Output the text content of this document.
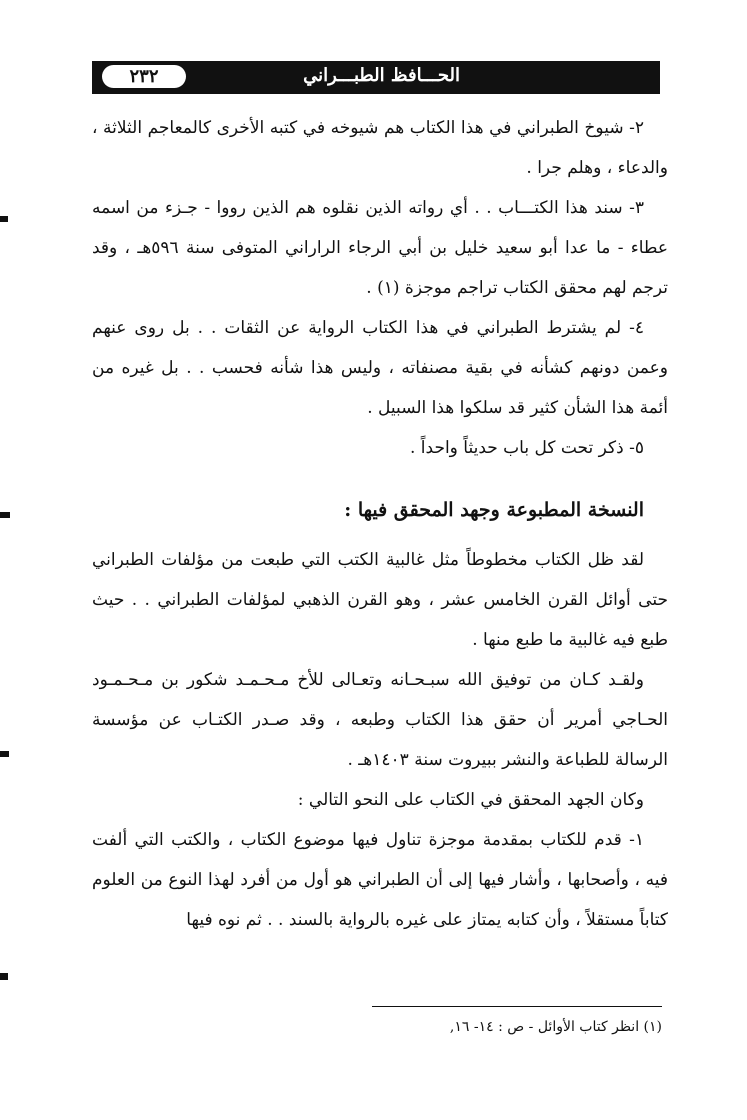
٢٣٢	الحـــافظ الطبـــراني

٢- شيوخ الطبراني في هذا الكتاب هم شيوخه في كتبه الأخرى كالمعاجم الثلاثة ، والدعاء ، وهلم جرا .

٣- سند هذا الكتـــاب . . أي رواته الذين نقلوه هم الذين رووا - جـزء من اسمه عطاء - ما عدا أبو سعيد خليل بن أبي الرجاء الراراني المتوفى سنة ٥٩٦هـ ، وقد ترجم لهم محقق الكتاب تراجم موجزة (١) .

٤- لم يشترط الطبراني في هذا الكتاب الرواية عن الثقات . . بل روى عنهم وعمن دونهم كشأنه في بقية مصنفاته ، وليس هذا شأنه فحسب . . بل غيره من أئمة هذا الشأن كثير قد سلكوا هذا السبيل .

٥- ذكر تحت كل باب حديثاً واحداً .

النسخة المطبوعة وجهد المحقق فيها :

لقد ظل الكتاب مخطوطاً مثل غالبية الكتب التي طبعت من مؤلفات الطبراني حتى أوائل القرن الخامس عشر ، وهو القرن الذهبي لمؤلفات الطبراني . . حيث طبع فيه غالبية ما طبع منها .

ولقـد كـان من توفيق الله سبـحـانه وتعـالى للأخ مـحـمـد شكور بن مـحـمـود الحـاجي أمرير أن حقق هذا الكتاب وطبعه ، وقد صـدر الكتـاب عن مؤسسة الرسالة للطباعة والنشر ببيروت سنة ١٤٠٣هـ .

وكان الجهد المحقق في الكتاب على النحو التالي :

١- قدم للكتاب بمقدمة موجزة تناول فيها موضوع الكتاب ، والكتب التي ألفت فيه ، وأصحابها ، وأشار فيها إلى أن الطبراني هو أول من أفرد لهذا النوع من العلوم كتاباً مستقلاً ، وأن كتابه يمتاز على غيره بالرواية بالسند . . ثم نوه فيها

(١) انظر كتاب الأوائل - ص : ١٤- ١٦,
